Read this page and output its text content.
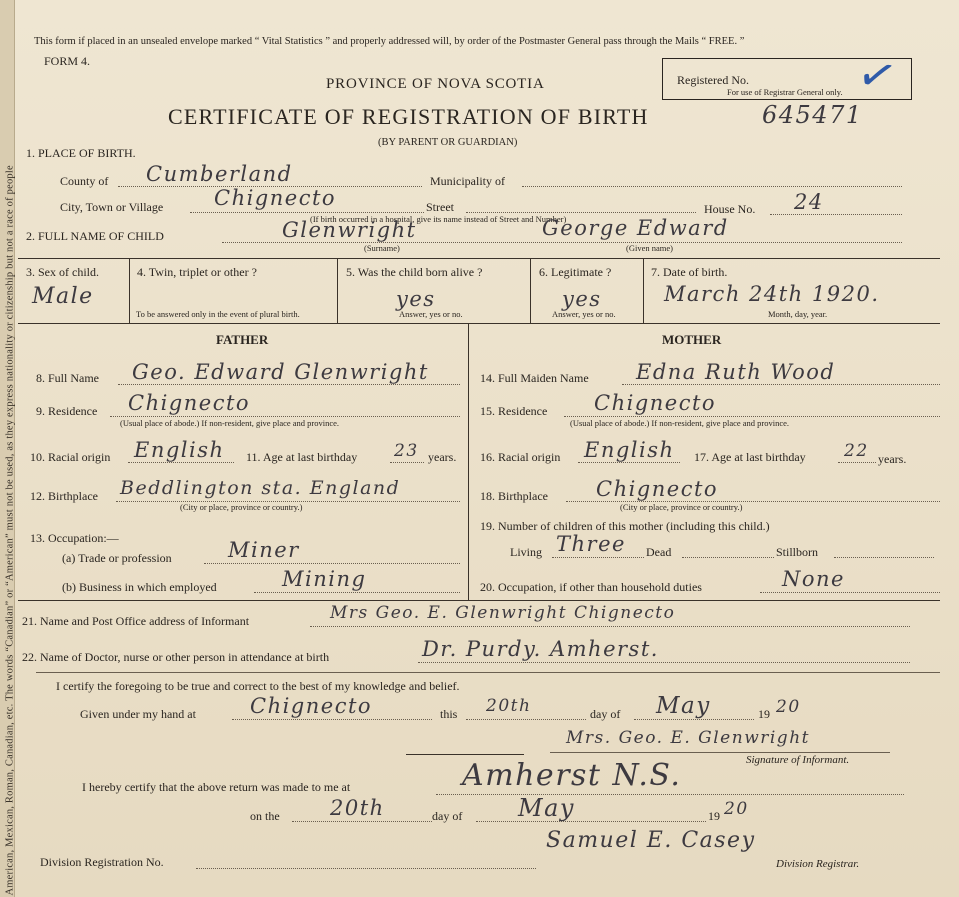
American, Mexican, Roman, Canadian, etc. The words “Canadian” or “American” must not be used, as they express nationality or citizenship but not a race of people
This form if placed in an unsealed envelope marked “ Vital Statistics ” and properly addressed will, by order of the Postmaster General pass through the Mails “ FREE. ”
FORM 4.
PROVINCE OF NOVA SCOTIA
CERTIFICATE OF REGISTRATION OF BIRTH	645471
(BY PARENT OR GUARDIAN)
Registered No.
For use of Registrar General only. ✓
1. PLACE OF BIRTH.
County of Cumberland	Municipality of
City, Town or Village Chignecto	Street	House No. 24
(If birth occurred in a hospital, give its name instead of Street and Number)
2. FULL NAME OF CHILD	Glenwright	George Edward
(Surname)	(Given name)
3. Sex of child.
Male
4. Twin, triplet or other ?
To be answered only in the event of plural birth.
5. Was the child born alive ?
yes
Answer, yes or no.
6. Legitimate ?
yes
Answer, yes or no.
7. Date of birth.
March 24th 1920.
Month, day, year.
FATHER	MOTHER
8. Full Name Geo. Edward Glenwright
9. Residence Chignecto
(Usual place of abode.) If non-resident, give place and province.
10. Racial origin English 11. Age at last birthday 23 years.
12. Birthplace Beddlington sta. England
(City or place, province or country.)
13. Occupation:—
(a) Trade or profession	Miner
(b) Business in which employed	Mining
14. Full Maiden Name Edna Ruth Wood
15. Residence Chignecto
(Usual place of abode.) If non-resident, give place and province.
16. Racial origin English 17. Age at last birthday 22 years.
18. Birthplace Chignecto
(City or place, province or country.)
19. Number of children of this mother (including this child.)
Living Three Dead	Stillborn
20. Occupation, if other than household duties	None
21. Name and Post Office address of Informant	Mrs Geo. E. Glenwright Chignecto
22. Name of Doctor, nurse or other person in attendance at birth	Dr. Purdy. Amherst.
I certify the foregoing to be true and correct to the best of my knowledge and belief.
Given under my hand at	Chignecto	this 20th	day of May	19 20
Mrs. Geo. E. Glenwright
Signature of Informant.
I hereby certify that the above return was made to me at	Amherst N.S.
on the 20th	day of May	19 20
Samuel E. Casey
Division Registration No.	Division Registrar.
